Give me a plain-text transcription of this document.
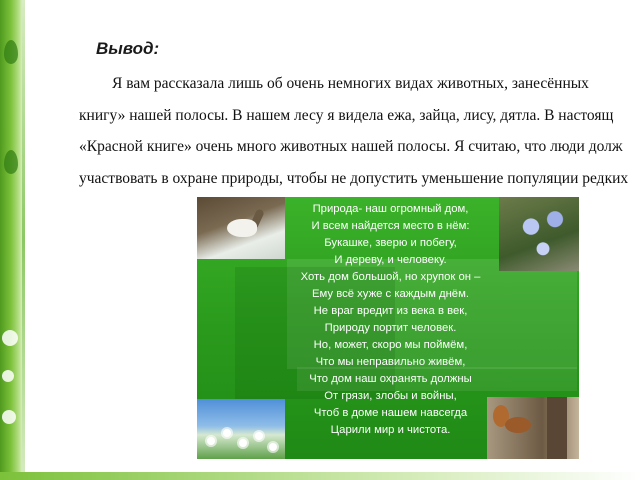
Вывод:
Я вам рассказала лишь об очень немногих видах животных, занесённых
книгу» нашей полосы. В нашем лесу я видела ежа, зайца, лису, дятла. В настоящ
«Красной книге» очень много животных нашей полосы. Я считаю, что люди долж
участвовать в охране природы, чтобы не допустить уменьшение популяции редких
Природа- наш огромный дом,
И всем найдется место в нём:
Букашке, зверю и побегу,
И дереву, и человеку.
Хоть дом большой, но хрупок он –
Ему всё хуже с каждым днём.
Не враг вредит из века в век,
Природу портит человек.
Но, может, скоро мы поймём,
Что мы неправильно живём,
Что дом наш охранять должны
От грязи, злобы и войны,
Чтоб в доме нашем навсегда
Царили мир и чистота.
